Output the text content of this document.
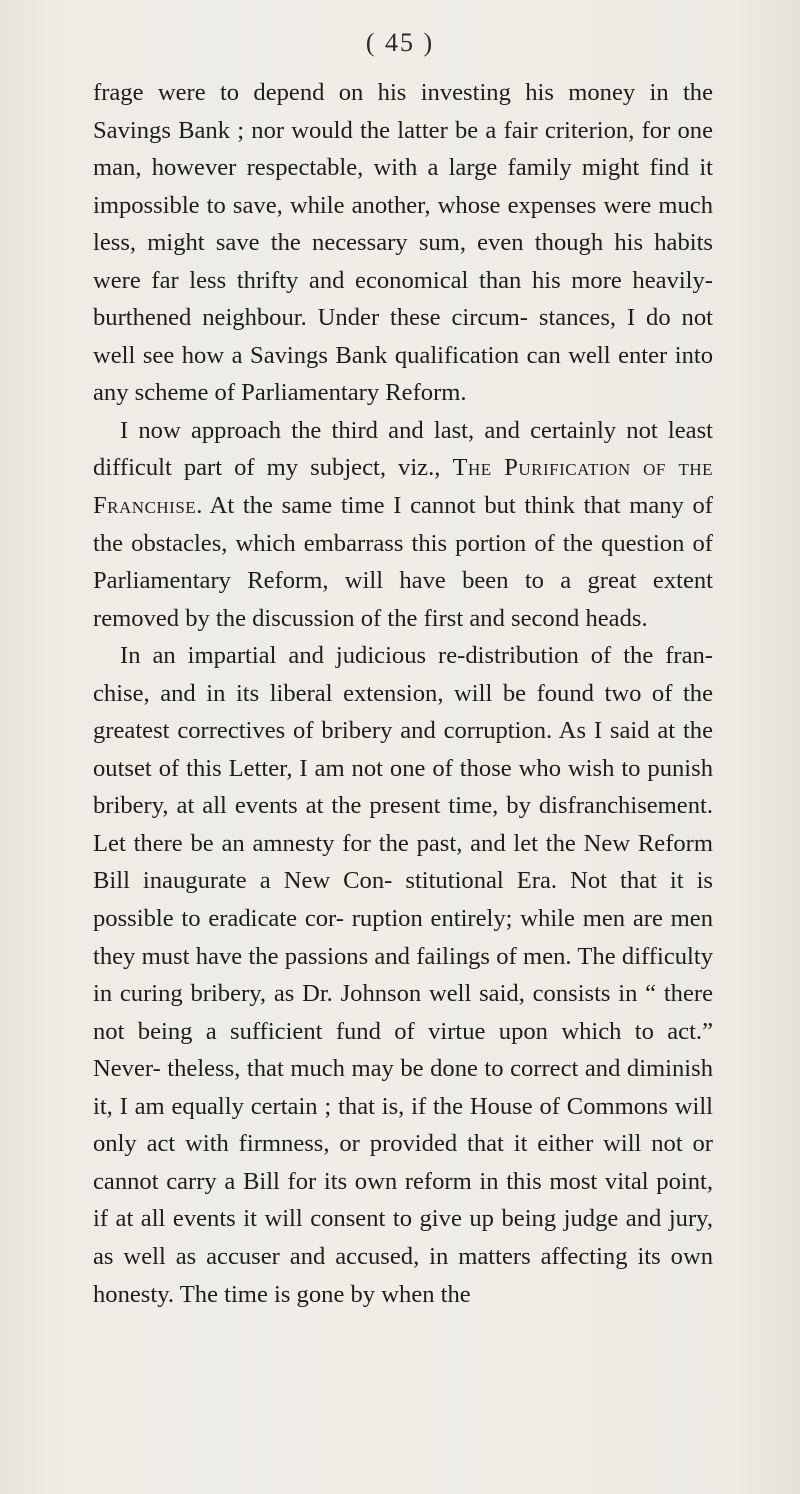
( 45 )

frage were to depend on his investing his money in the Savings Bank ; nor would the latter be a fair criterion, for one man, however respectable, with a large family might find it impossible to save, while another, whose expenses were much less, might save the necessary sum, even though his habits were far less thrifty and economical than his more heavily-burthened neighbour. Under these circum- stances, I do not well see how a Savings Bank qualification can well enter into any scheme of Parliamentary Reform.

I now approach the third and last, and certainly not least difficult part of my subject, viz., The Purification of the Franchise. At the same time I cannot but think that many of the obstacles, which embarrass this portion of the question of Parliamentary Reform, will have been to a great extent removed by the discussion of the first and second heads.

In an impartial and judicious re-distribution of the fran- chise, and in its liberal extension, will be found two of the greatest correctives of bribery and corruption. As I said at the outset of this Letter, I am not one of those who wish to punish bribery, at all events at the present time, by disfranchisement. Let there be an amnesty for the past, and let the New Reform Bill inaugurate a New Con- stitutional Era. Not that it is possible to eradicate cor- ruption entirely; while men are men they must have the passions and failings of men. The difficulty in curing bribery, as Dr. Johnson well said, consists in “ there not being a sufficient fund of virtue upon which to act.” Never- theless, that much may be done to correct and diminish it, I am equally certain ; that is, if the House of Commons will only act with firmness, or provided that it either will not or cannot carry a Bill for its own reform in this most vital point, if at all events it will consent to give up being judge and jury, as well as accuser and accused, in matters affecting its own honesty. The time is gone by when the
